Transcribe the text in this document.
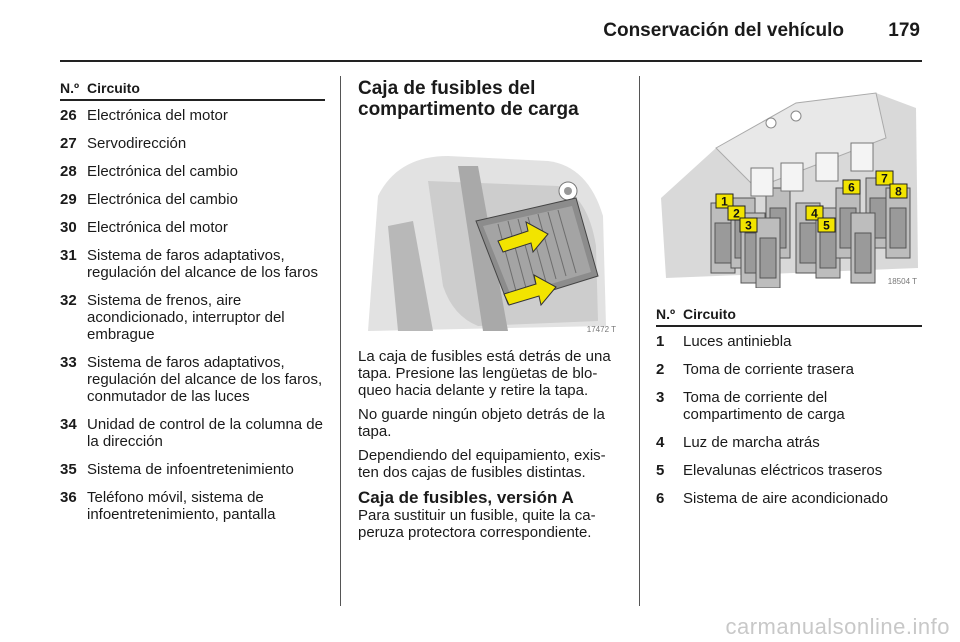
Conservación del vehículo 179
N.º Circuito
26 Electrónica del motor
27 Servodirección
28 Electrónica del cambio
29 Electrónica del cambio
30 Electrónica del motor
31 Sistema de faros adaptativos, regulación del alcance de los faros
32 Sistema de frenos, aire acondicionado, interruptor del embrague
33 Sistema de faros adaptativos, regulación del alcance de los faros, conmutador de las luces
34 Unidad de control de la columna de la dirección
35 Sistema de infoentretenimiento
36 Teléfono móvil, sistema de infoentretenimiento, pantalla
Caja de fusibles del compartimento de carga
17472 T

La caja de fusibles está detrás de una tapa. Presione las lengüetas de blo-queo hacia delante y retire la tapa.

No guarde ningún objeto detrás de la tapa.

Dependiendo del equipamiento, exis-ten dos cajas de fusibles distintas.

Caja de fusibles, versión A

Para sustituir un fusible, quite la ca-peruza protectora correspondiente.

1
2
3
4
5
6
7
8
18504 T
N.º Circuito
1	Luces antiniebla
2	Toma de corriente trasera
3	Toma de corriente del compartimento de carga
4	Luz de marcha atrás
5	Elevalunas eléctricos traseros
6	Sistema de aire acondicionado
carmanualsonline.info
